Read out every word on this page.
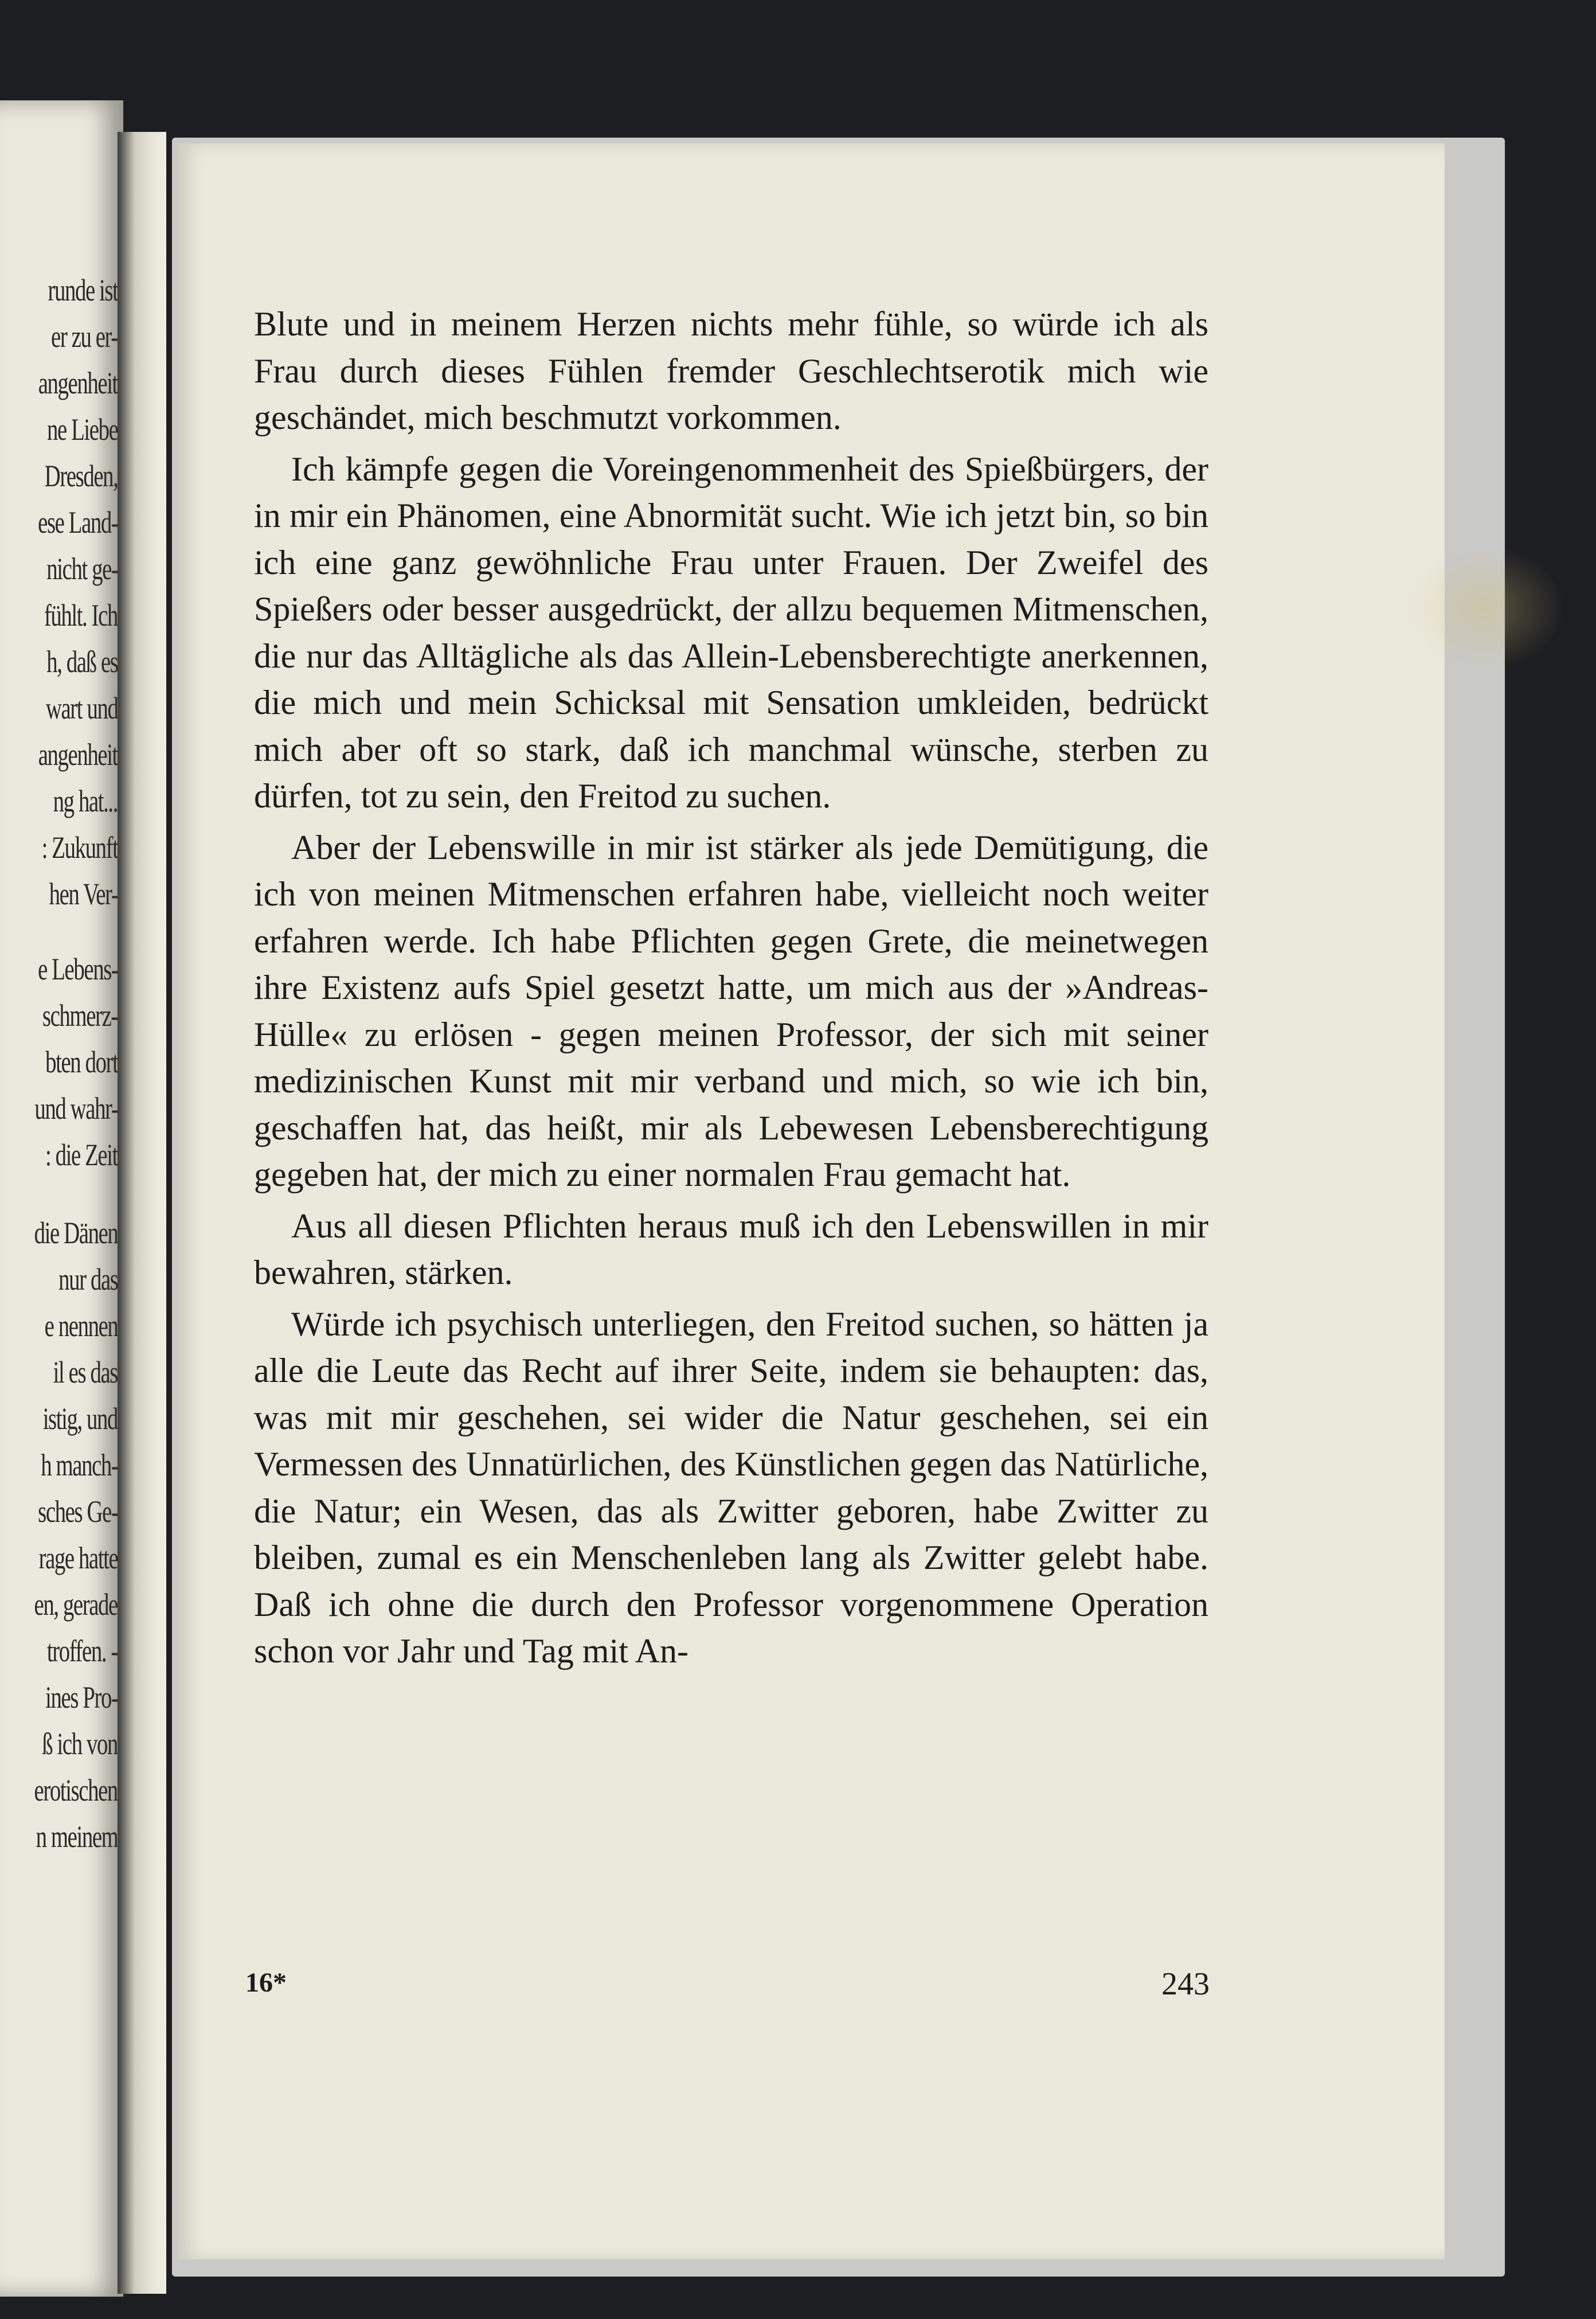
runde ist
er zu er-
angenheit
ne Liebe
Dresden,
ese Land-
nicht ge-
fühlt. Ich
h, daß es
wart und
angenheit
ng hat...
: Zukunft
hen Ver-
e Lebens-
schmerz-
bten dort
und wahr-
: die Zeit
die Dänen
nur das
e nennen
il es das
istig, und
h manch-
sches Ge-
rage hatte
en, gerade
troffen. -
ines Pro-
ß ich von
erotischen
n meinem

Blute und in meinem Herzen nichts mehr fühle, so würde ich als Frau durch dieses Fühlen fremder Geschlechtserotik mich wie geschändet, mich beschmutzt vorkommen.

Ich kämpfe gegen die Voreingenommenheit des Spießbürgers, der in mir ein Phänomen, eine Abnormität sucht. Wie ich jetzt bin, so bin ich eine ganz gewöhnliche Frau unter Frauen. Der Zweifel des Spießers oder besser ausgedrückt, der allzu bequemen Mitmenschen, die nur das Alltägliche als das Allein-Lebensberechtigte anerkennen, die mich und mein Schicksal mit Sensation umkleiden, bedrückt mich aber oft so stark, daß ich manchmal wünsche, sterben zu dürfen, tot zu sein, den Freitod zu suchen.

Aber der Lebenswille in mir ist stärker als jede Demütigung, die ich von meinen Mitmenschen erfahren habe, vielleicht noch weiter erfahren werde. Ich habe Pflichten gegen Grete, die meinetwegen ihre Existenz aufs Spiel gesetzt hatte, um mich aus der »Andreas-Hülle« zu erlösen - gegen meinen Professor, der sich mit seiner medizinischen Kunst mit mir verband und mich, so wie ich bin, geschaffen hat, das heißt, mir als Lebewesen Lebensberechtigung gegeben hat, der mich zu einer normalen Frau gemacht hat.

Aus all diesen Pflichten heraus muß ich den Lebenswillen in mir bewahren, stärken.

Würde ich psychisch unterliegen, den Freitod suchen, so hätten ja alle die Leute das Recht auf ihrer Seite, indem sie behaupten: das, was mit mir geschehen, sei wider die Natur geschehen, sei ein Vermessen des Unnatürlichen, des Künstlichen gegen das Natürliche, die Natur; ein Wesen, das als Zwitter geboren, habe Zwitter zu bleiben, zumal es ein Menschenleben lang als Zwitter gelebt habe. Daß ich ohne die durch den Professor vorgenommene Operation schon vor Jahr und Tag mit An-

16*	243
